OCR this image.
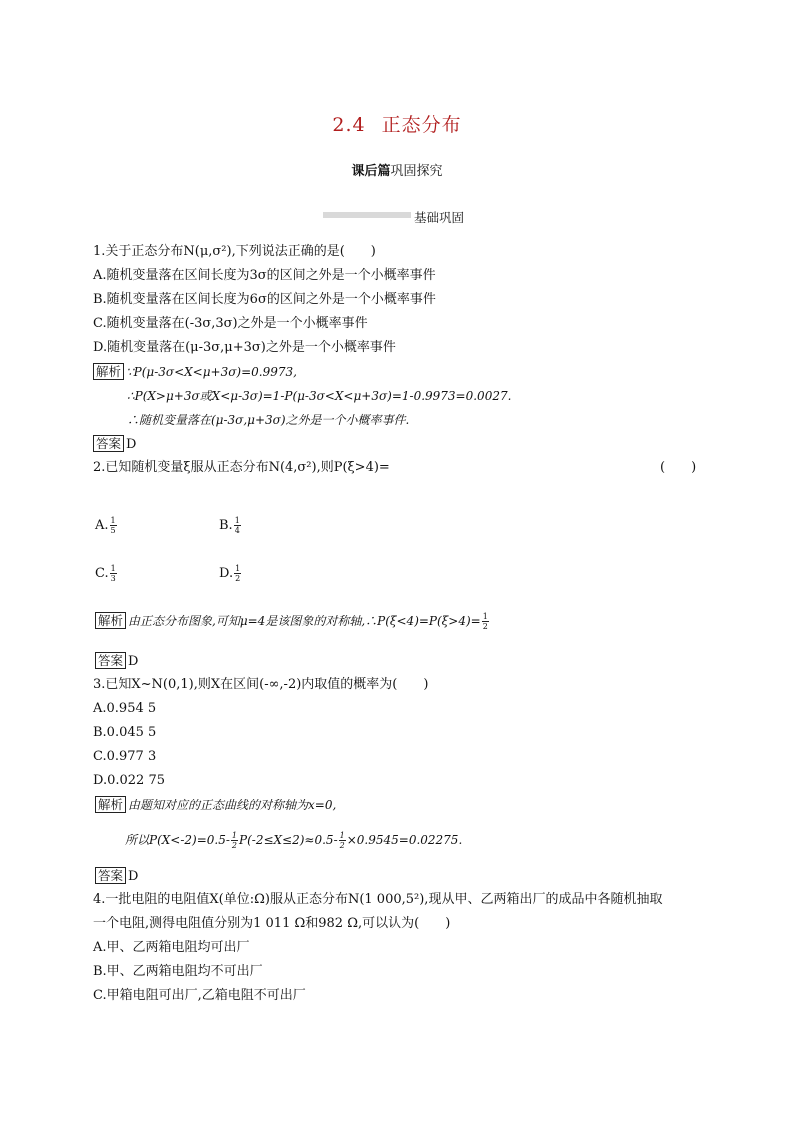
2.4 正态分布
课后篇巩固探究
基础巩固
1.关于正态分布N(μ,σ²),下列说法正确的是( )
A.随机变量落在区间长度为3σ的区间之外是一个小概率事件
B.随机变量落在区间长度为6σ的区间之外是一个小概率事件
C.随机变量落在(-3σ,3σ)之外是一个小概率事件
D.随机变量落在(μ-3σ,μ+3σ)之外是一个小概率事件
解析 ∵P(μ-3σ<X<μ+3σ)=0.9973,
∴P(X>μ+3σ或X<μ-3σ)=1-P(μ-3σ<X<μ+3σ)=1-0.9973=0.0027.
∴随机变量落在(μ-3σ,μ+3σ)之外是一个小概率事件.
答案 D
2.已知随机变量ξ服从正态分布N(4,σ²),则P(ξ>4)=	( )
A. $\frac{1}{5}$	B. $\frac{1}{4}$
C. $\frac{1}{3}$	D. $\frac{1}{2}$
解析 由正态分布图象,可知μ=4是该图象的对称轴,∴P(ξ<4)=P(ξ>4)= $\frac{1}{2}$
答案 D
3.已知X~N(0,1),则X在区间(-∞,-2)内取值的概率为( )
A.0.954 5
B.0.045 5
C.0.977 3
D.0.022 75
解析 由题知对应的正态曲线的对称轴为x=0,
所以$P(X<-2)=0.5- \frac{1}{2} P(-2\le X\le 2)\approx 0.5- \frac{1}{2} \times 0.9545=0.02275$.
答案 D
4.一批电阻的电阻值X(单位:Ω)服从正态分布N(1 000,5²),现从甲、乙两箱出厂的成品中各随机抽取
一个电阻,测得电阻值分别为1 011 Ω和982 Ω,可以认为( )
A.甲、乙两箱电阻均可出厂
B.甲、乙两箱电阻均不可出厂
C.甲箱电阻可出厂,乙箱电阻不可出厂
